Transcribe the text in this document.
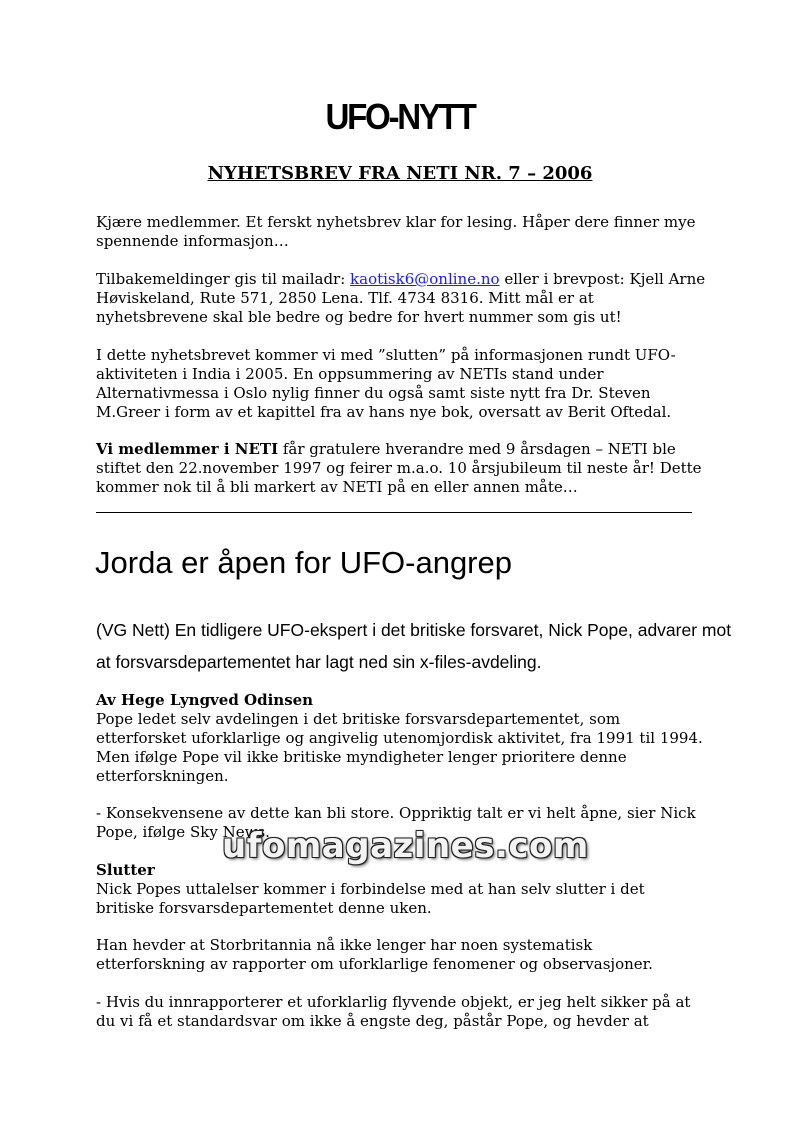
UFO-NYTT
NYHETSBREV FRA NETI NR. 7 – 2006
Kjære medlemmer. Et ferskt nyhetsbrev klar for lesing. Håper dere finner mye spennende informasjon…
Tilbakemeldinger gis til mailadr: kaotisk6@online.no eller i brevpost: Kjell Arne Høviskeland, Rute 571, 2850 Lena. Tlf. 4734 8316. Mitt mål er at nyhetsbrevene skal ble bedre og bedre for hvert nummer som gis ut!
I dette nyhetsbrevet kommer vi med ”slutten” på informasjonen rundt UFO-aktiviteten i India i 2005. En oppsummering av NETIs stand under Alternativmessa i Oslo nylig finner du også samt siste nytt fra Dr. Steven M.Greer i form av et kapittel fra av hans nye bok, oversatt av Berit Oftedal.
Vi medlemmer i NETI får gratulere hverandre med 9 årsdagen – NETI ble stiftet den 22.november 1997 og feirer m.a.o. 10 årsjubileum til neste år! Dette kommer nok til å bli markert av NETI på en eller annen måte…
Jorda er åpen for UFO-angrep
(VG Nett) En tidligere UFO-ekspert i det britiske forsvaret, Nick Pope, advarer mot at forsvarsdepartementet har lagt ned sin x-files-avdeling.
Av Hege Lyngved Odinsen
Pope ledet selv avdelingen i det britiske forsvarsdepartementet, som etterforsket uforklarlige og angivelig utenomjordisk aktivitet, fra 1991 til 1994. Men ifølge Pope vil ikke britiske myndigheter lenger prioritere denne etterforskningen.
- Konsekvensene av dette kan bli store. Oppriktig talt er vi helt åpne, sier Nick Pope, ifølge Sky News.
Slutter
Nick Popes uttalelser kommer i forbindelse med at han selv slutter i det britiske forsvarsdepartementet denne uken.
Han hevder at Storbritannia nå ikke lenger har noen systematisk etterforskning av rapporter om uforklarlige fenomener og observasjoner.
- Hvis du innrapporterer et uforklarlig flyvende objekt, er jeg helt sikker på at du vi få et standardsvar om ikke å engste deg, påstår Pope, og hevder at
ufomagazines.com
